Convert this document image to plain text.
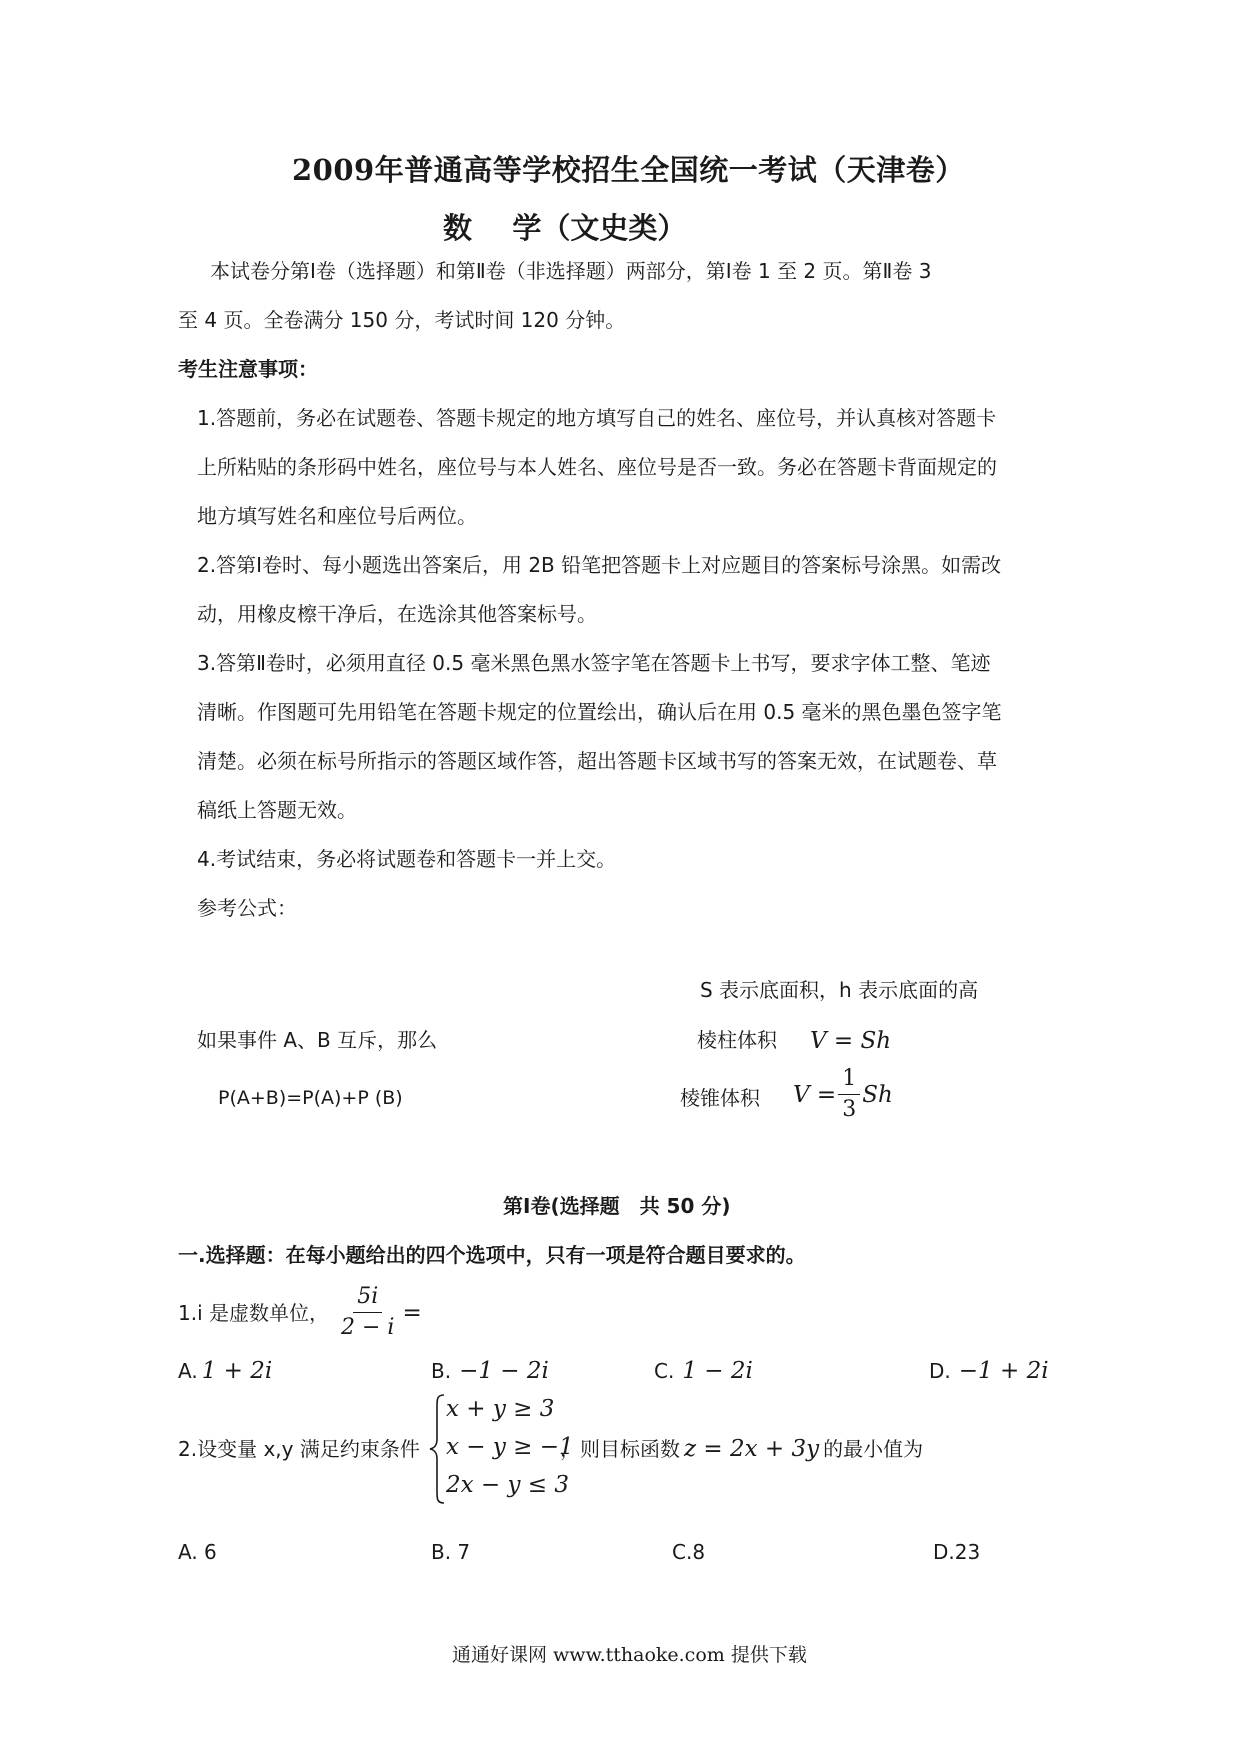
2009年普通高等学校招生全国统一考试（天津卷）
数    学（文史类）
本试卷分第Ⅰ卷（选择题）和第Ⅱ卷（非选择题）两部分，第Ⅰ卷 1 至 2 页。第Ⅱ卷 3
至 4 页。全卷满分 150 分，考试时间 120 分钟。
考生注意事项：
1.答题前，务必在试题卷、答题卡规定的地方填写自己的姓名、座位号，并认真核对答题卡
上所粘贴的条形码中姓名，座位号与本人姓名、座位号是否一致。务必在答题卡背面规定的
地方填写姓名和座位号后两位。
2.答第Ⅰ卷时、每小题选出答案后，用 2B 铅笔把答题卡上对应题目的答案标号涂黑。如需改
动，用橡皮檫干净后，在选涂其他答案标号。
3.答第Ⅱ卷时，必须用直径 0.5 毫米黑色黑水签字笔在答题卡上书写，要求字体工整、笔迹
清晰。作图题可先用铅笔在答题卡规定的位置绘出，确认后在用 0.5 毫米的黑色墨色签字笔
清楚。必须在标号所指示的答题区域作答，超出答题卡区域书写的答案无效，在试题卷、草
稿纸上答题无效。
4.考试结束，务必将试题卷和答题卡一并上交。
参考公式：
S 表示底面积，h 表示底面的高
如果事件 A、B 互斥，那么
P(A+B)=P(A)+P (B)
棱柱体积 V = Sh
棱锥体积 $V = \frac{1}{3}$ Sh
第Ⅰ卷(选择题　共 50 分)
一.选择题：在每小题给出的四个选项中，只有一项是符合题目要求的。
1.i 是虚数单位， $\frac{5i}{2 - i}$ =
A. 1 + 2i	B. −1 − 2i	C. 1 − 2i	D. −1 + 2i
2.设变量 x,y 满足约束条件
x + y ≥ 3
x − y ≥ −1
2x − y ≤ 3
，则目标函数 z = 2x + 3y 的最小值为
A. 6	B. 7	C.8	D.23
通通好课网 www.tthaoke.com 提供下载
